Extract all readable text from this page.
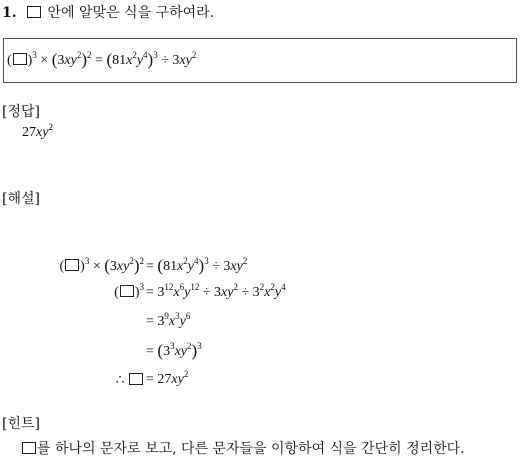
1. 안에 알맞은 식을 구하여라.
( )$^3 \times (3xy^2)^2 = (81x^2y^4)^3 \div 3xy^2$
[정답]
$27xy^2$
[해설]
( )$^3 \times (3xy^2)^2 = (81x^2y^4)^3 \div 3xy^2$
( )$^3 = 3^{12}x^6y^{12} \div 3xy^2 \div 3^2x^2y^4$
= $3^9x^3y^6$
= $(3^3xy^2)^3$
∴	= $27xy^2$
[힌트]
를 하나의 문자로 보고, 다른 문자들을 이항하여 식을 간단히 정리한다.
